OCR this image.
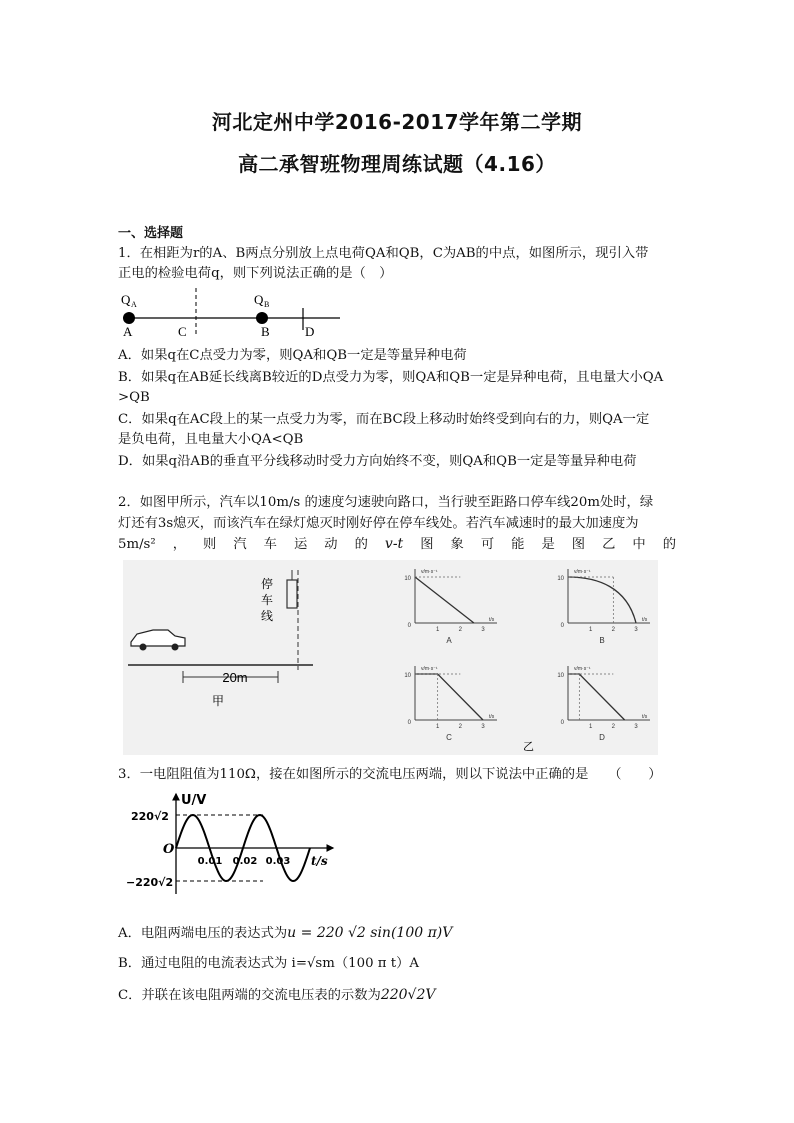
河北定州中学2016-2017学年第二学期
高二承智班物理周练试题（4.16）
一、选择题
1．在相距为r的A、B两点分别放上点电荷QA和QB，C为AB的中点，如图所示，现引入带
正电的检验电荷q，则下列说法正确的是（　）
Q A	Q B
A	C	B	D
A．如果q在C点受力为零，则QA和QB一定是等量异种电荷
B．如果q在AB延长线离B较近的D点受力为零，则QA和QB一定是异种电荷，且电量大小QA
>QB
C．如果q在AC段上的某一点受力为零，而在BC段上移动时始终受到向右的力，则QA一定
是负电荷，且电量大小QA<QB
D．如果q沿AB的垂直平分线移动时受力方向始终不变，则QA和QB一定是等量异种电荷
2．如图甲所示，汽车以10m/s 的速度匀速驶向路口，当行驶至距路口停车线20m处时，绿
灯还有3s熄灭，而该汽车在绿灯熄灭时刚好停在停车线处。若汽车减速时的最大加速度为
5m/s² ， 则 汽 车 运 动 的 v-t 图 象 可 能 是 图 乙 中 的
20m
甲
停
车
线
10
0
1	2	3
v/m·s⁻¹
t/s
A
10
0
1	2	3
v/m·s⁻¹
t/s
B
10
0
1	2	3
v/m·s⁻¹
t/s
C
10
0
1	2	3
v/m·s⁻¹
t/s
D
乙
3．一电阻阻值为110Ω，接在如图所示的交流电压两端，则以下说法中正确的是　　（　　）
U/V
220√2
−220√2
O
0.01 0.02 0.03 t/s
A．电阻两端电压的表达式为u = 220 √2 sin(100 π)V
B．通过电阻的电流表达式为 i=√sm（100 π t）A
C．并联在该电阻两端的交流电压表的示数为220√2V
